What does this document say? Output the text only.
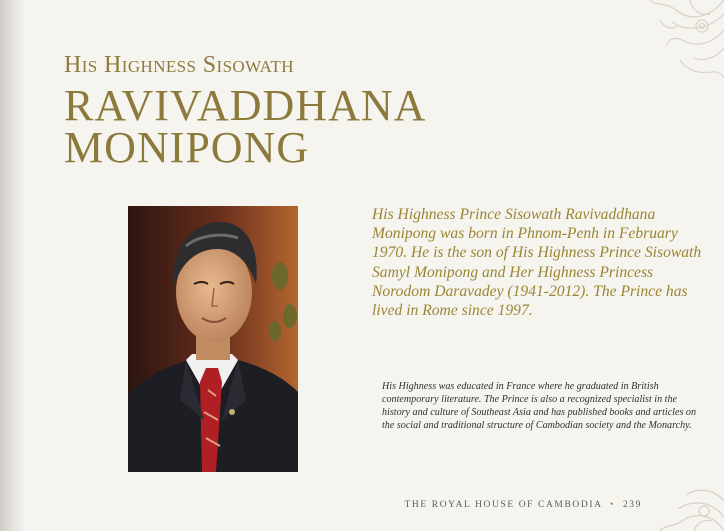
His Highness Sisowath
RAVIVADDHANA
MONIPONG

His Highness Prince Sisowath Ravivaddhana Monipong was born in Phnom-Penh in February 1970. He is the son of His Highness Prince Sisowath Samyl Monipong and Her Highness Princess Norodom Daravadey (1941-2012). The Prince has lived in Rome since 1997.

His Highness was educated in France where he graduated in British contemporary literature. The Prince is also a recognized specialist in the history and culture of Southeast Asia and has published books and articles on the social and traditional structure of Cambodian society and the Monarchy.

THE ROYAL HOUSE OF CAMBODIA • 239
